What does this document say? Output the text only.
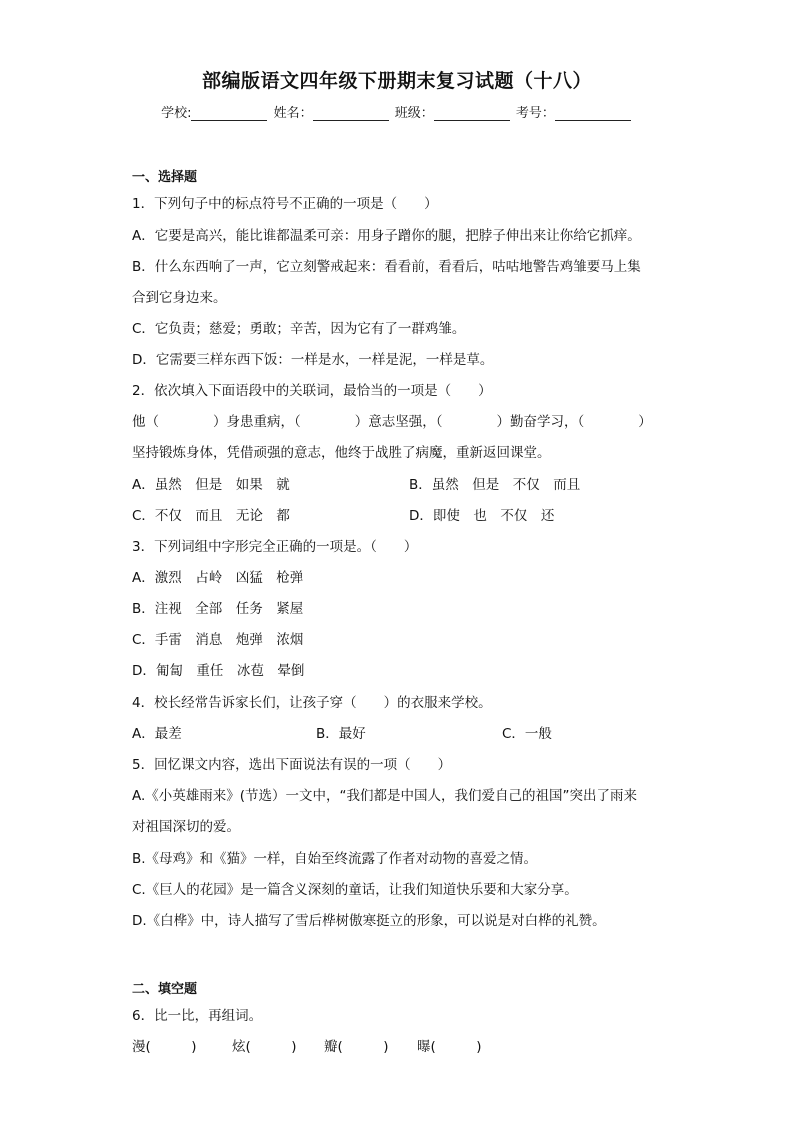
部编版语文四年级下册期末复习试题（十八）
学校:	姓名：	班级：	考号：
一、选择题
1．下列句子中的标点符号不正确的一项是（　　）
A．它要是高兴，能比谁都温柔可亲：用身子蹭你的腿，把脖子伸出来让你给它抓痒。
B．什么东西响了一声，它立刻警戒起来：看看前，看看后，咕咕地警告鸡雏要马上集
合到它身边来。
C．它负责；慈爱；勇敢；辛苦，因为它有了一群鸡雏。
D．它需要三样东西下饭：一样是水，一样是泥，一样是草。
2．依次填入下面语段中的关联词，最恰当的一项是（　　）
他（　　　　）身患重病，（　　　　）意志坚强，（　　　　）勤奋学习，（　　　　）
坚持锻炼身体，凭借顽强的意志，他终于战胜了病魔，重新返回课堂。
A．虽然　但是　如果　就	B．虽然　但是　不仅　而且
C．不仅　而且　无论　都	D．即使　也　不仅　还
3．下列词组中字形完全正确的一项是。（　　）
A．激烈　占岭　凶猛　枪弹
B．注视　全部　任务　紧屋
C．手雷　消息　炮弹　浓烟
D．匍匐　重任　冰苞　晕倒
4．校长经常告诉家长们，让孩子穿（　　）的衣服来学校。
A．最差	B．最好	C．一般
5．回忆课文内容，选出下面说法有误的一项（　　）
A.《小英雄雨来》(节选）一文中，“我们都是中国人，我们爱自己的祖国”突出了雨来
对祖国深切的爱。
B.《母鸡》和《猫》一样，自始至终流露了作者对动物的喜爱之情。
C.《巨人的花园》是一篇含义深刻的童话，让我们知道快乐要和大家分享。
D.《白桦》中，诗人描写了雪后桦树傲寒挺立的形象，可以说是对白桦的礼赞。
二、填空题
6．比一比，再组词。
漫(　　　)	炫(　　　) 瓣(　　　) 曝(　　　)
